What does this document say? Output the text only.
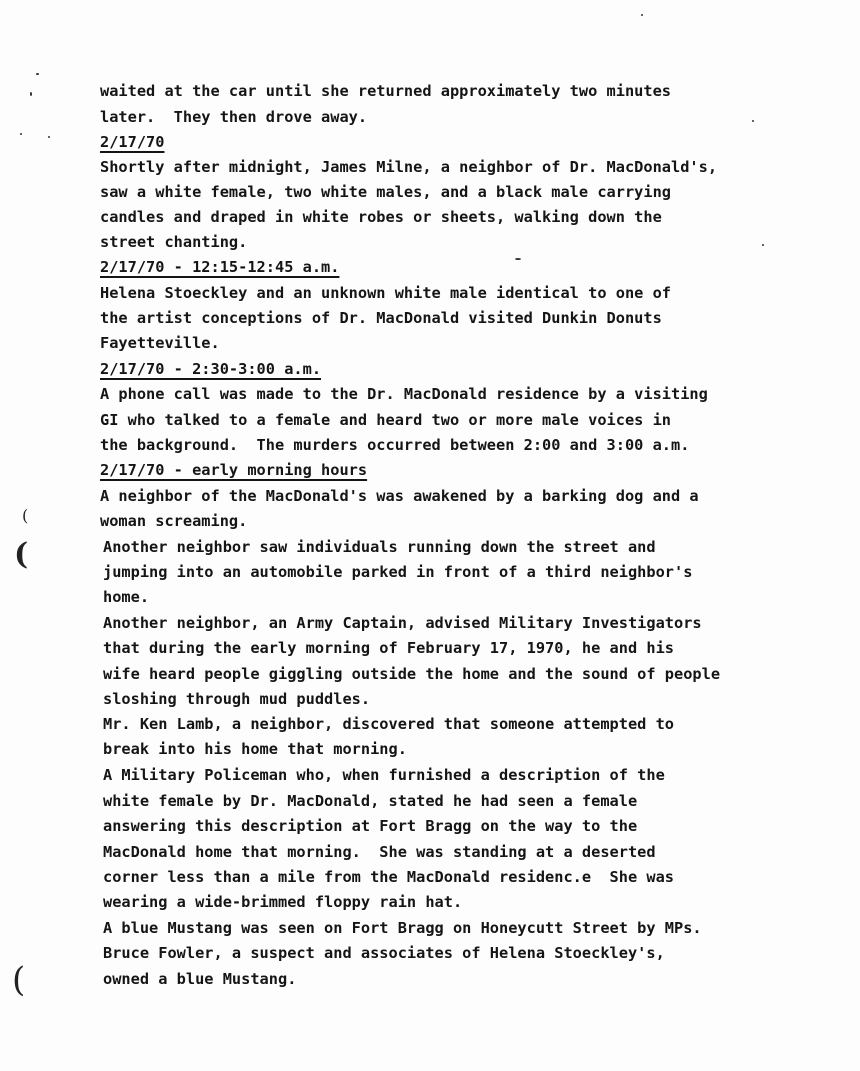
(
(
(
waited at the car until she returned approximately two minutes
later.  They then drove away.
2/17/70
Shortly after midnight, James Milne, a neighbor of Dr. MacDonald's,
saw a white female, two white males, and a black male carrying
candles and draped in white robes or sheets, walking down the
street chanting.
2/17/70 - 12:15-12:45 a.m.
Helena Stoeckley and an unknown white male identical to one of
the artist conceptions of Dr. MacDonald visited Dunkin Donuts
Fayetteville.
2/17/70 - 2:30-3:00 a.m.
A phone call was made to the Dr. MacDonald residence by a visiting
GI who talked to a female and heard two or more male voices in
the background.  The murders occurred between 2:00 and 3:00 a.m.
2/17/70 - early morning hours
A neighbor of the MacDonald's was awakened by a barking dog and a
woman screaming.
Another neighbor saw individuals running down the street and
jumping into an automobile parked in front of a third neighbor's
home.
Another neighbor, an Army Captain, advised Military Investigators
that during the early morning of February 17, 1970, he and his
wife heard people giggling outside the home and the sound of people
sloshing through mud puddles.
Mr. Ken Lamb, a neighbor, discovered that someone attempted to
break into his home that morning.
A Military Policeman who, when furnished a description of the
white female by Dr. MacDonald, stated he had seen a female
answering this description at Fort Bragg on the way to the
MacDonald home that morning.  She was standing at a deserted
corner less than a mile from the MacDonald residenc.e  She was
wearing a wide-brimmed floppy rain hat.
A blue Mustang was seen on Fort Bragg on Honeycutt Street by MPs.
Bruce Fowler, a suspect and associates of Helena Stoeckley's,
owned a blue Mustang.
